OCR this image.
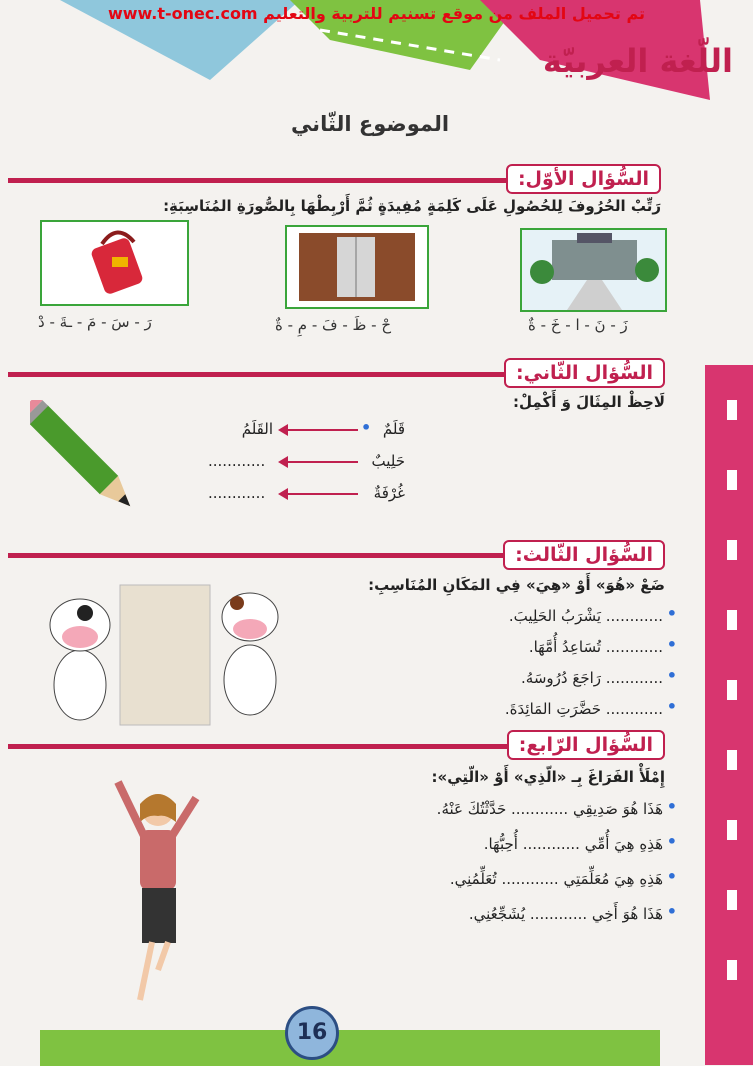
تم تحميل الملف من موقع تسنيم للتربية والتعليم www.t-onec.com
اللّغة العربيّة
الموضوع الثّاني
السُّؤال الأوّل:
رَتِّبْ الحُرُوفَ لِلحُصُولِ عَلَى كَلِمَةٍ مُفِيدَةٍ ثُمَّ أَرْبِطْهَا بِالصُّورَةِ المُنَاسِبَةِ:
رَ - سَ - مَ - ـةَ - دْ	حْ - ظَ - فَ - مِ - ةٌ	زَ - نَ - ا - خَ - ةٌ
السُّؤال الثّاني:
لَاحِظْ المِثَالَ وَ أَكْمِلْ:
قَلَمٌ
•
القَلَمُ
حَلِيبٌ
............
غُرْفَةٌ
............
السُّؤال الثّالث:
ضَعْ «هُوَ» أَوْ «هِيَ» فِي المَكَانِ المُنَاسِبِ:
............ يَشْرَبُ الحَلِيبَ. •
............ تُسَاعِدُ أُمَّهَا. •
............ رَاجَعَ دُرُوسَهُ. •
............ حَضَّرَتِ المَائِدَةَ. •
السُّؤال الرّابع:
إِمْلَأْ الفَرَاغَ بِـ «الّذِي» أَوْ «الّتِي»:
هَذَا هُوَ صَدِيقِي ............ حَدَّثْتُكَ عَنْهُ. •
هَذِهِ هِيَ أُمِّي ............ أُحِبُّهَا. •
هَذِهِ هِيَ مُعَلِّمَتِي ............ تُعَلِّمُنِي. •
هَذَا هُوَ أَخِي ............ يُشَجِّعُنِي. •
16
